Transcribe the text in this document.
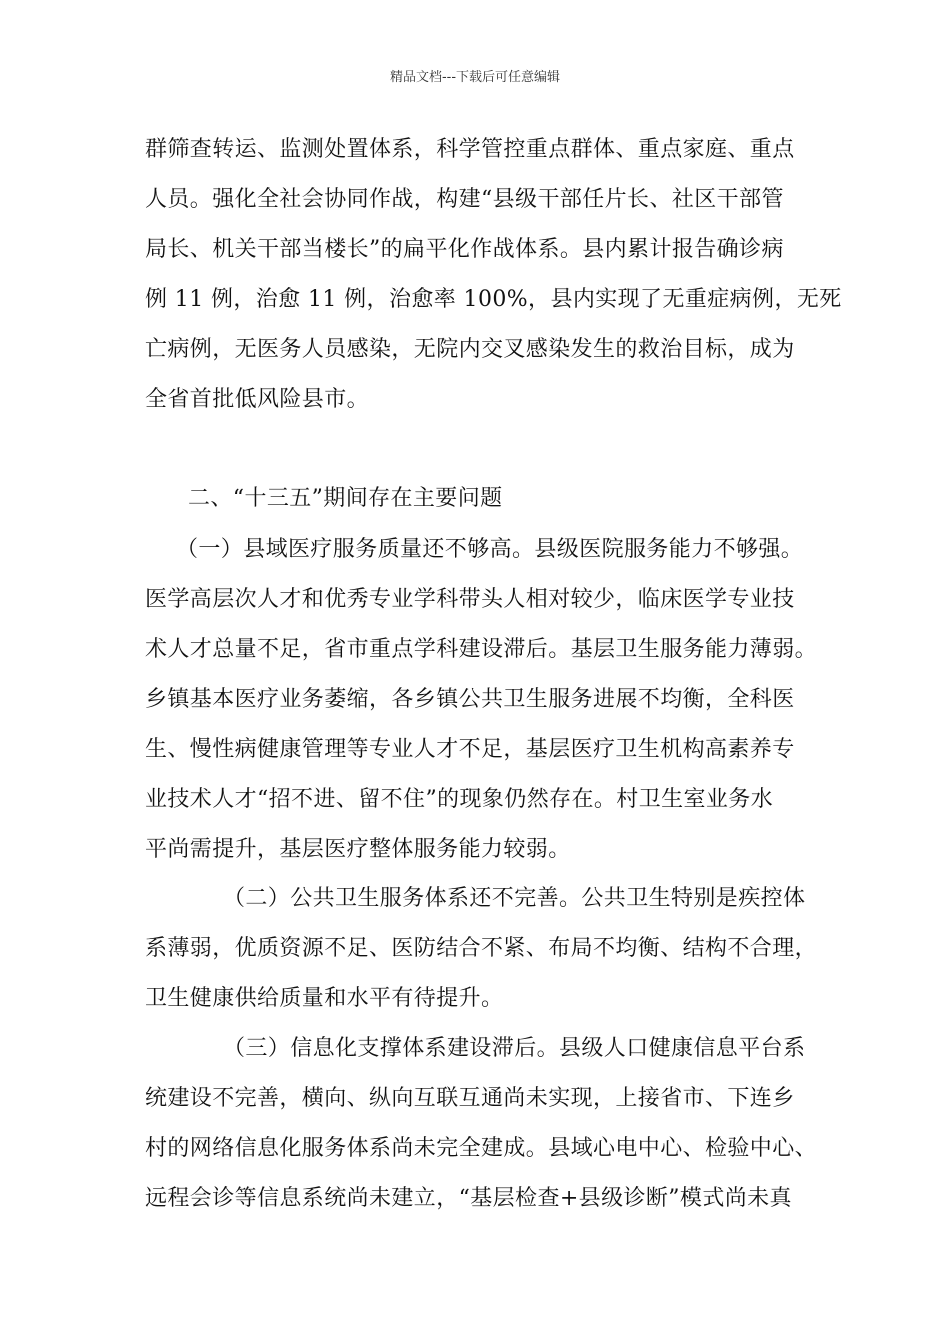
精品文档---下载后可任意编辑
群筛查转运、监测处置体系，科学管控重点群体、重点家庭、重点
人员。强化全社会协同作战，构建“县级干部任片长、社区干部管
局长、机关干部当楼长”的扁平化作战体系。县内累计报告确诊病
例 11 例，治愈 11 例，治愈率 100%，县内实现了无重症病例，无死
亡病例，无医务人员感染，无院内交叉感染发生的救治目标，成为
全省首批低风险县市。
二、“十三五”期间存在主要问题
（一）县域医疗服务质量还不够高。县级医院服务能力不够强。
医学高层次人才和优秀专业学科带头人相对较少，临床医学专业技
术人才总量不足，省市重点学科建设滞后。基层卫生服务能力薄弱。
乡镇基本医疗业务萎缩，各乡镇公共卫生服务进展不均衡，全科医
生、慢性病健康管理等专业人才不足，基层医疗卫生机构高素养专
业技术人才“招不进、留不住”的现象仍然存在。村卫生室业务水
平尚需提升，基层医疗整体服务能力较弱。
（二）公共卫生服务体系还不完善。公共卫生特别是疾控体
系薄弱，优质资源不足、医防结合不紧、布局不均衡、结构不合理，
卫生健康供给质量和水平有待提升。
（三）信息化支撑体系建设滞后。县级人口健康信息平台系
统建设不完善，横向、纵向互联互通尚未实现，上接省市、下连乡
村的网络信息化服务体系尚未完全建成。县域心电中心、检验中心、
远程会诊等信息系统尚未建立，“基层检查+县级诊断”模式尚未真
